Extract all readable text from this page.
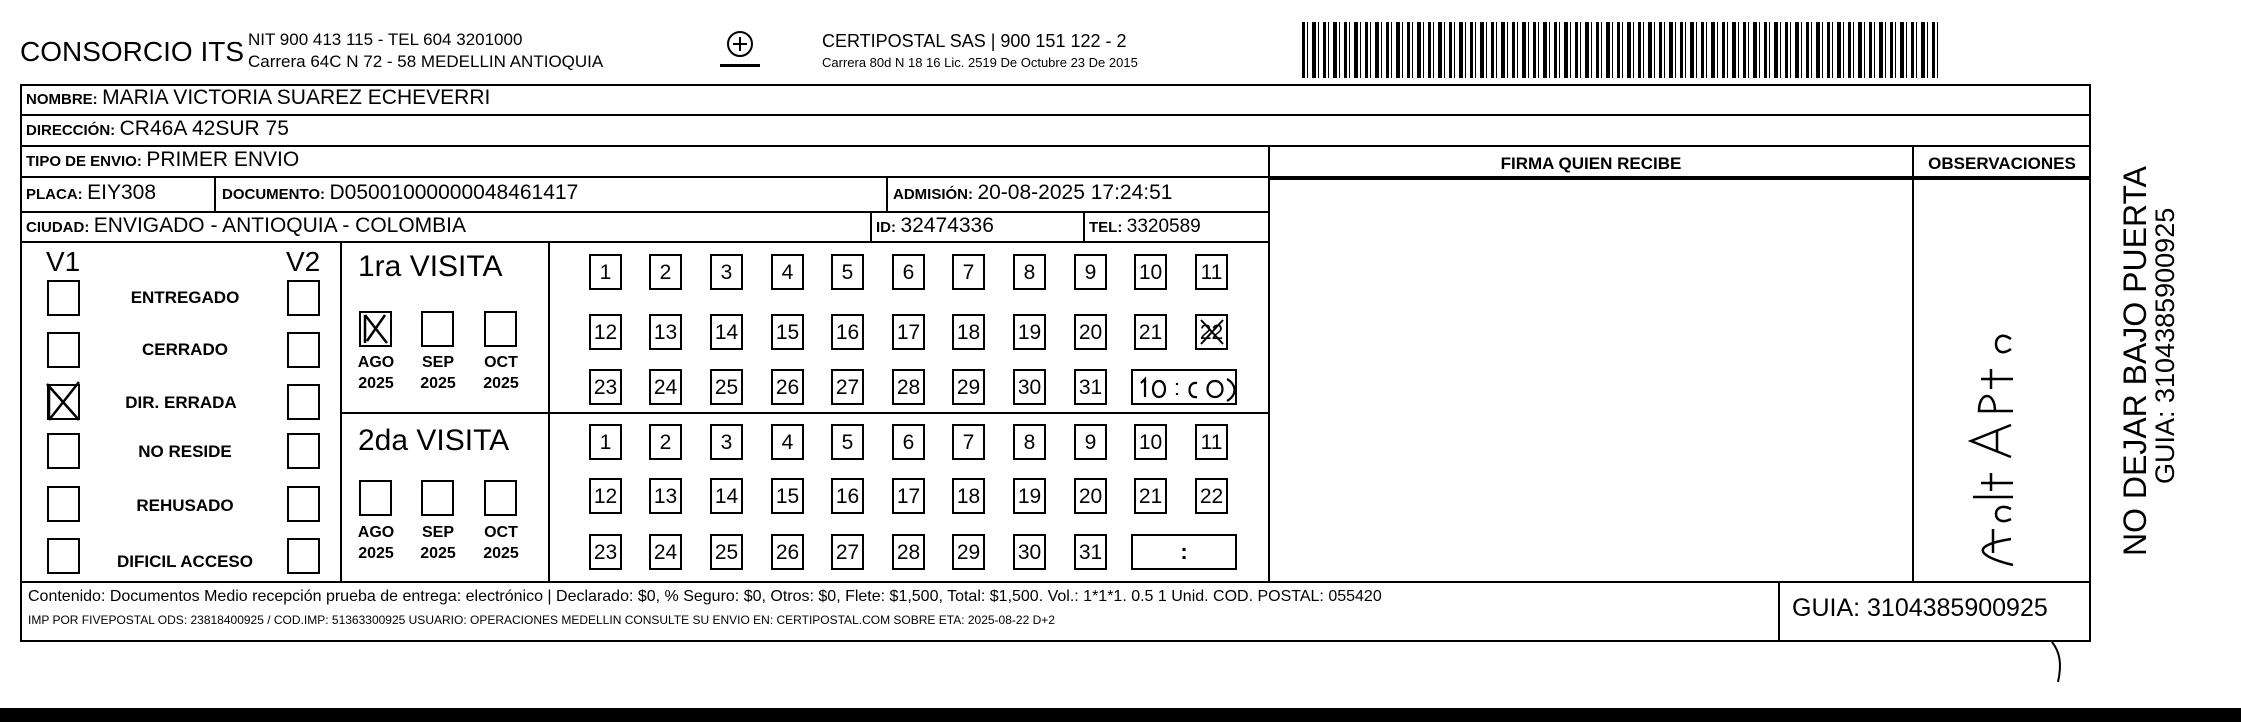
CONSORCIO ITS NIT 900 413 115 - TEL 604 3201000
Carrera 64C N 72 - 58 MEDELLIN ANTIOQUIA
CERTIPOSTAL SAS | 900 151 122 - 2
Carrera 80d N 18 16 Lic. 2519 De Octubre 23 De 2015
NOMBRE: MARIA VICTORIA SUAREZ ECHEVERRI
DIRECCIÓN: CR46A 42SUR 75
TIPO DE ENVIO: PRIMER ENVIO
PLACA: EIY308	DOCUMENTO: D05001000000048461417	ADMISIÓN: 20-08-2025 17:24:51
CIUDAD: ENVIGADO - ANTIOQUIA - COLOMBIA	ID: 32474336	TEL: 3320589
FIRMA QUIEN RECIBE	OBSERVACIONES
V1	V2
ENTREGADO
CERRADO
DIR. ERRADA
NO RESIDE
REHUSADO
DIFICIL ACCESO
1ra VISITA
AGO
2025
SEP
2025
OCT
2025
1	2	3	4	5	6	7	8	9	10 11
12 13 14 15 16 17 18 19 20 21 22
23 24 25 26 27 28 29 30 31
2da VISITA
AGO
2025
SEP
2025
OCT
2025
1	2	3	4	5	6	7	8	9	10 11
12 13 14 15 16 17 18 19 20 21 22
23 24 25 26 27 28 29 30 31	:
Contenido: Documentos Medio recepción prueba de entrega: electrónico | Declarado: $0, % Seguro: $0, Otros: $0, Flete: $1,500, Total: $1,500. Vol.: 1*1*1. 0.5 1 Unid. COD. POSTAL: 055420
IMP POR FIVEPOSTAL ODS: 23818400925 / COD.IMP: 51363300925 USUARIO: OPERACIONES MEDELLIN CONSULTE SU ENVIO EN: CERTIPOSTAL.COM SOBRE ETA: 2025-08-22 D+2	GUIA: 3104385900925
NO DEJAR BAJO PUERTA
GUIA: 3104385900925
